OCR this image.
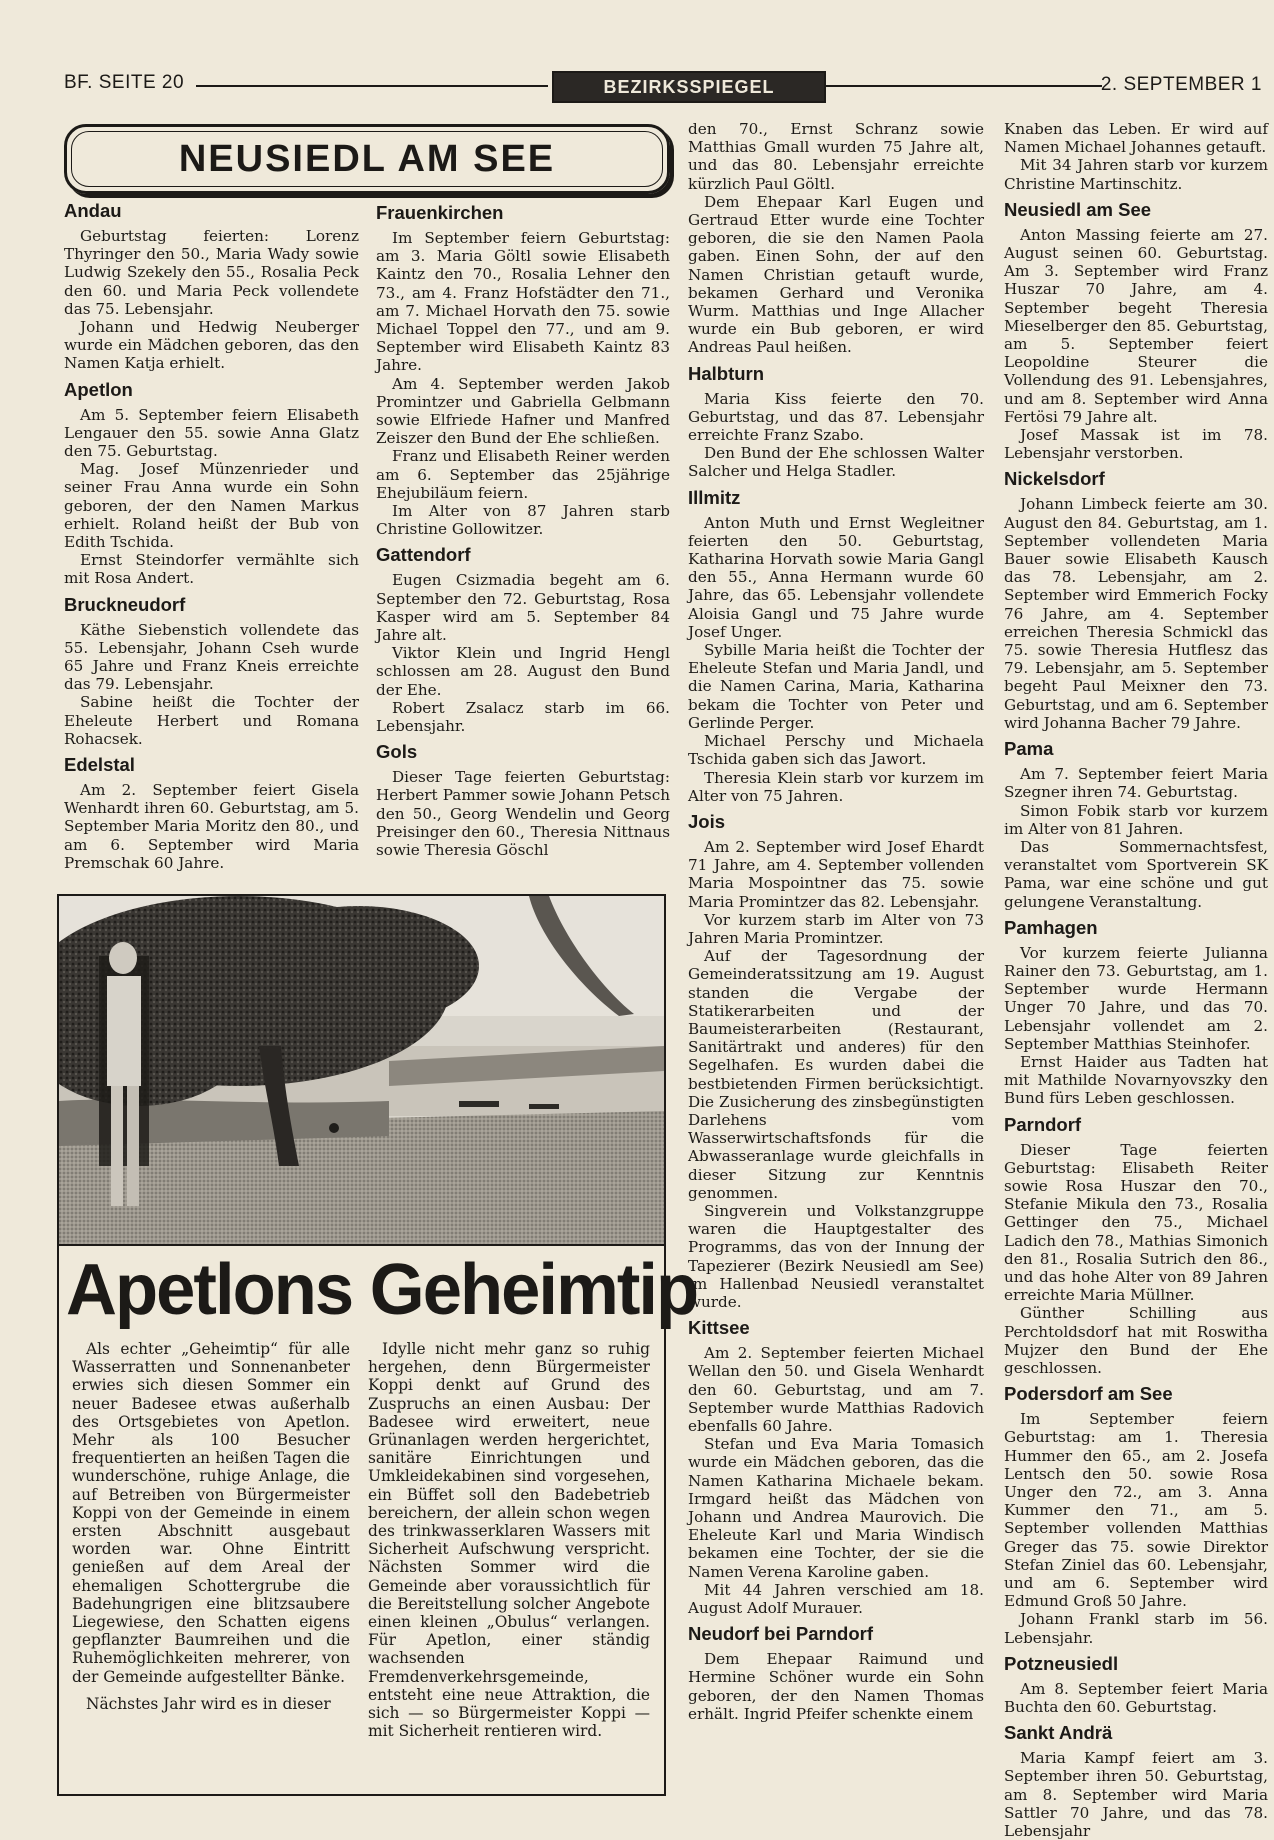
BF. SEITE 20	BEZIRKSSPIEGEL	2. SEPTEMBER 1
NEUSIEDL AM SEE
Andau

Geburtstag feierten: Lorenz Thyringer den 50., Maria Wady sowie Ludwig Szekely den 55., Rosalia Peck den 60. und Maria Peck vollendete das 75. Lebensjahr.

Johann und Hedwig Neuberger wurde ein Mädchen geboren, das den Namen Katja erhielt.

Apetlon

Am 5. September feiern Elisabeth Lengauer den 55. sowie Anna Glatz den 75. Geburtstag.

Mag. Josef Münzenrieder und seiner Frau Anna wurde ein Sohn geboren, der den Namen Markus erhielt. Roland heißt der Bub von Edith Tschida.

Ernst Steindorfer vermählte sich mit Rosa Andert.

Bruckneudorf

Käthe Siebenstich vollendete das 55. Lebensjahr, Johann Cseh wurde 65 Jahre und Franz Kneis erreichte das 79. Lebensjahr.

Sabine heißt die Tochter der Eheleute Herbert und Romana Rohacsek.

Edelstal

Am 2. September feiert Gisela Wenhardt ihren 60. Geburtstag, am 5. September Maria Moritz den 80., und am 6. September wird Maria Premschak 60 Jahre.

Frauenkirchen

Im September feiern Geburtstag: am 3. Maria Göltl sowie Elisabeth Kaintz den 70., Rosalia Lehner den 73., am 4. Franz Hofstädter den 71., am 7. Michael Horvath den 75. sowie Michael Toppel den 77., und am 9. September wird Elisabeth Kaintz 83 Jahre.

Am 4. September werden Jakob Promintzer und Gabriella Gelbmann sowie Elfriede Hafner und Manfred Zeiszer den Bund der Ehe schließen.

Franz und Elisabeth Reiner werden am 6. September das 25jährige Ehejubiläum feiern.

Im Alter von 87 Jahren starb Christine Gollowitzer.

Gattendorf

Eugen Csizmadia begeht am 6. September den 72. Geburtstag, Rosa Kasper wird am 5. September 84 Jahre alt.

Viktor Klein und Ingrid Hengl schlossen am 28. August den Bund der Ehe.

Robert Zsalacz starb im 66. Lebensjahr.

Gols

Dieser Tage feierten Geburtstag: Herbert Pammer sowie Johann Petsch den 50., Georg Wendelin und Georg Preisinger den 60., Theresia Nittnaus sowie Theresia Göschl

den 70., Ernst Schranz sowie Matthias Gmall wurden 75 Jahre alt, und das 80. Lebensjahr erreichte kürzlich Paul Göltl.

Dem Ehepaar Karl Eugen und Gertraud Etter wurde eine Tochter geboren, die sie den Namen Paola gaben. Einen Sohn, der auf den Namen Christian getauft wurde, bekamen Gerhard und Veronika Wurm. Matthias und Inge Allacher wurde ein Bub geboren, er wird Andreas Paul heißen.

Halbturn

Maria Kiss feierte den 70. Geburtstag, und das 87. Lebensjahr erreichte Franz Szabo.

Den Bund der Ehe schlossen Walter Salcher und Helga Stadler.

Illmitz

Anton Muth und Ernst Wegleitner feierten den 50. Geburtstag, Katharina Horvath sowie Maria Gangl den 55., Anna Hermann wurde 60 Jahre, das 65. Lebensjahr vollendete Aloisia Gangl und 75 Jahre wurde Josef Unger.

Sybille Maria heißt die Tochter der Eheleute Stefan und Maria Jandl, und die Namen Carina, Maria, Katharina bekam die Tochter von Peter und Gerlinde Perger.

Michael Perschy und Michaela Tschida gaben sich das Jawort.

Theresia Klein starb vor kurzem im Alter von 75 Jahren.

Jois

Am 2. September wird Josef Ehardt 71 Jahre, am 4. September vollenden Maria Mospointner das 75. sowie Maria Promintzer das 82. Lebensjahr.

Vor kurzem starb im Alter von 73 Jahren Maria Promintzer.

Auf der Tagesordnung der Gemeinderatssitzung am 19. August standen die Vergabe der Statikerarbeiten und der Baumeisterarbeiten (Restaurant, Sanitärtrakt und anderes) für den Segelhafen. Es wurden dabei die bestbietenden Firmen berücksichtigt. Die Zusicherung des zinsbegünstigten Darlehens vom Wasserwirtschaftsfonds für die Abwasseranlage wurde gleichfalls in dieser Sitzung zur Kenntnis genommen.

Singverein und Volkstanzgruppe waren die Hauptgestalter des Programms, das von der Innung der Tapezierer (Bezirk Neusiedl am See) im Hallenbad Neusiedl veranstaltet wurde.

Kittsee

Am 2. September feierten Michael Wellan den 50. und Gisela Wenhardt den 60. Geburtstag, und am 7. September wurde Matthias Radovich ebenfalls 60 Jahre.

Stefan und Eva Maria Tomasich wurde ein Mädchen geboren, das die Namen Katharina Michaele bekam. Irmgard heißt das Mädchen von Johann und Andrea Maurovich. Die Eheleute Karl und Maria Windisch bekamen eine Tochter, der sie die Namen Verena Karoline gaben.

Mit 44 Jahren verschied am 18. August Adolf Murauer.

Neudorf bei Parndorf

Dem Ehepaar Raimund und Hermine Schöner wurde ein Sohn geboren, der den Namen Thomas erhält. Ingrid Pfeifer schenkte einem

Knaben das Leben. Er wird auf Namen Michael Johannes getauft.

Mit 34 Jahren starb vor kurzem Christine Martinschitz.

Neusiedl am See

Anton Massing feierte am 27. August seinen 60. Geburtstag. Am 3. September wird Franz Huszar 70 Jahre, am 4. September begeht Theresia Mieselberger den 85. Geburtstag, am 5. September feiert Leopoldine Steurer die Vollendung des 91. Lebensjahres, und am 8. September wird Anna Fertösi 79 Jahre alt.

Josef Massak ist im 78. Lebensjahr verstorben.

Nickelsdorf

Johann Limbeck feierte am 30. August den 84. Geburtstag, am 1. September vollendeten Maria Bauer sowie Elisabeth Kausch das 78. Lebensjahr, am 2. September wird Emmerich Focky 76 Jahre, am 4. September erreichen Theresia Schmickl das 75. sowie Theresia Hutflesz das 79. Lebensjahr, am 5. September begeht Paul Meixner den 73. Geburtstag, und am 6. September wird Johanna Bacher 79 Jahre.

Pama

Am 7. September feiert Maria Szegner ihren 74. Geburtstag.

Simon Fobik starb vor kurzem im Alter von 81 Jahren.

Das Sommernachtsfest, veranstaltet vom Sportverein SK Pama, war eine schöne und gut gelungene Veranstaltung.

Pamhagen

Vor kurzem feierte Julianna Rainer den 73. Geburtstag, am 1. September wurde Hermann Unger 70 Jahre, und das 70. Lebensjahr vollendet am 2. September Matthias Steinhofer.

Ernst Haider aus Tadten hat mit Mathilde Novarnyovszky den Bund fürs Leben geschlossen.

Parndorf

Dieser Tage feierten Geburtstag: Elisabeth Reiter sowie Rosa Huszar den 70., Stefanie Mikula den 73., Rosalia Gettinger den 75., Michael Ladich den 78., Mathias Simonich den 81., Rosalia Sutrich den 86., und das hohe Alter von 89 Jahren erreichte Maria Müllner.

Günther Schilling aus Perchtoldsdorf hat mit Roswitha Mujzer den Bund der Ehe geschlossen.

Podersdorf am See

Im September feiern Geburtstag: am 1. Theresia Hummer den 65., am 2. Josefa Lentsch den 50. sowie Rosa Unger den 72., am 3. Anna Kummer den 71., am 5. September vollenden Matthias Greger das 75. sowie Direktor Stefan Ziniel das 60. Lebensjahr, und am 6. September wird Edmund Groß 50 Jahre.

Johann Frankl starb im 56. Lebensjahr.

Potzneusiedl

Am 8. September feiert Maria Buchta den 60. Geburtstag.

Sankt Andrä

Maria Kampf feiert am 3. September ihren 50. Geburtstag, am 8. September wird Maria Sattler 70 Jahre, und das 78. Lebensjahr

Apetlons Geheimtip

Als echter „Geheimtip“ für alle Wasserratten und Sonnenanbeter erwies sich diesen Sommer ein neuer Badesee etwas außerhalb des Ortsgebietes von Apetlon. Mehr als 100 Besucher frequentierten an heißen Tagen die wunderschöne, ruhige Anlage, die auf Betreiben von Bürgermeister Koppi von der Gemeinde in einem ersten Abschnitt ausgebaut worden war. Ohne Eintritt genießen auf dem Areal der ehemaligen Schottergrube die Badehungrigen eine blitzsaubere Liegewiese, den Schatten eigens gepflanzter Baumreihen und die Ruhemöglichkeiten mehrerer, von der Gemeinde aufgestellter Bänke.

Nächstes Jahr wird es in dieser

Idylle nicht mehr ganz so ruhig hergehen, denn Bürgermeister Koppi denkt auf Grund des Zuspruchs an einen Ausbau: Der Badesee wird erweitert, neue Grünanlagen werden hergerichtet, sanitäre Einrichtungen und Umkleidekabinen sind vorgesehen, ein Büffet soll den Badebetrieb bereichern, der allein schon wegen des trinkwasserklaren Wassers mit Sicherheit Aufschwung verspricht. Nächsten Sommer wird die Gemeinde aber voraussichtlich für die Bereitstellung solcher Angebote einen kleinen „Obulus“ verlangen. Für Apetlon, einer ständig wachsenden Fremdenverkehrsgemeinde, entsteht eine neue Attraktion, die sich — so Bürgermeister Koppi — mit Sicherheit rentieren wird.
